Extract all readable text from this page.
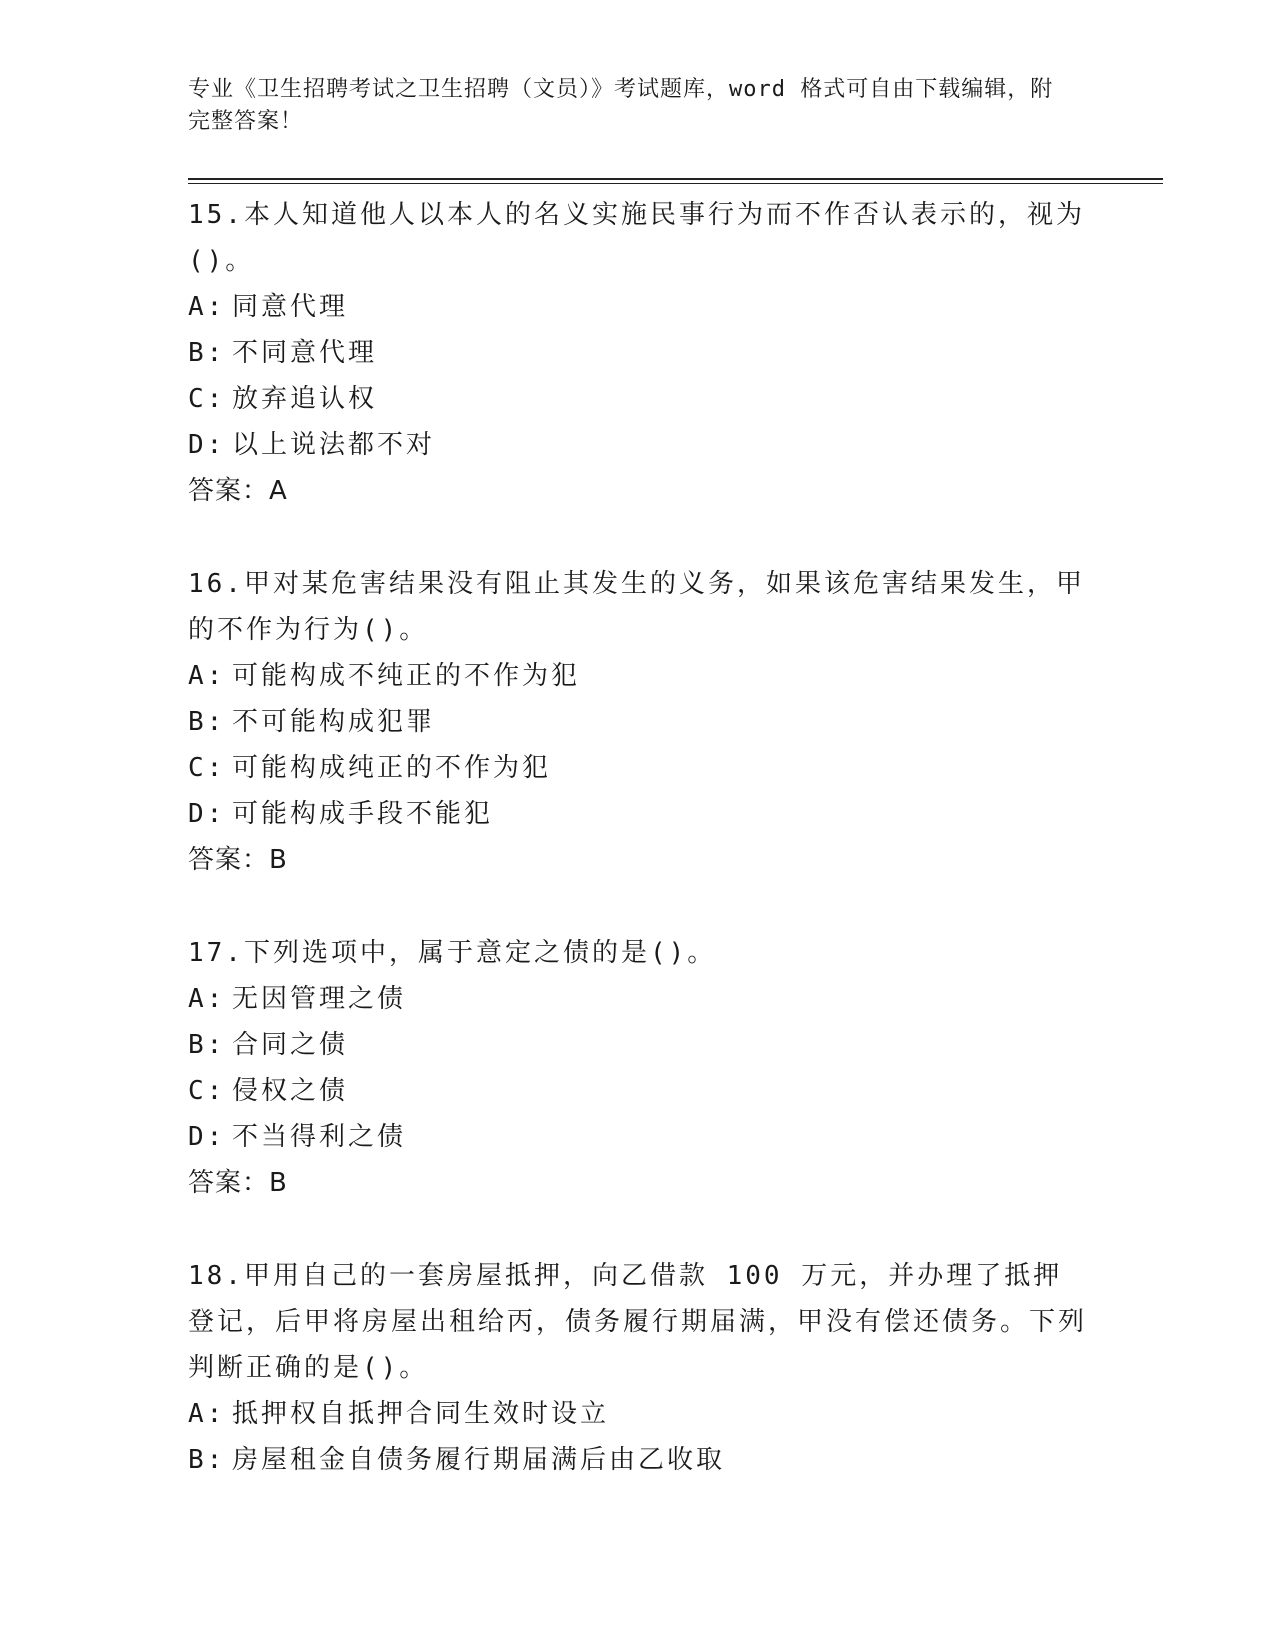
专业《卫生招聘考试之卫生招聘（文员）》考试题库，word 格式可自由下载编辑，附完整答案！

15.本人知道他人以本人的名义实施民事行为而不作否认表示的，视为()。

A: 同意代理
B: 不同意代理
C: 放弃追认权
D: 以上说法都不对
答案：A

16.甲对某危害结果没有阻止其发生的义务，如果该危害结果发生，甲的不作为行为()。

A: 可能构成不纯正的不作为犯
B: 不可能构成犯罪
C: 可能构成纯正的不作为犯
D: 可能构成手段不能犯
答案：B

17.下列选项中，属于意定之债的是()。

A: 无因管理之债
B: 合同之债
C: 侵权之债
D: 不当得利之债
答案：B

18.甲用自己的一套房屋抵押，向乙借款 100 万元，并办理了抵押登记，后甲将房屋出租给丙，债务履行期届满，甲没有偿还债务。下列判断正确的是()。

A: 抵押权自抵押合同生效时设立
B: 房屋租金自债务履行期届满后由乙收取
